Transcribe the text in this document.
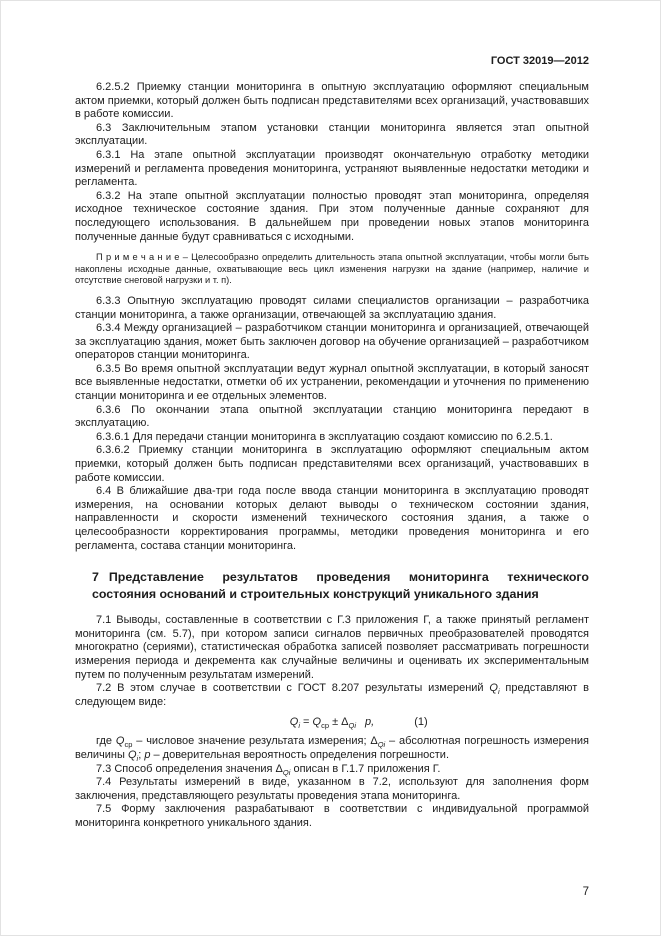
ГОСТ 32019—2012

6.2.5.2 Приемку станции мониторинга в опытную эксплуатацию оформляют специальным актом приемки, который должен быть подписан представителями всех организаций, участвовавших в работе комиссии.

6.3 Заключительным этапом установки станции мониторинга является этап опытной эксплуатации.

6.3.1 На этапе опытной эксплуатации производят окончательную отработку методики измерений и регламента проведения мониторинга, устраняют выявленные недостатки методики и регламента.

6.3.2 На этапе опытной эксплуатации полностью проводят этап мониторинга, определяя исходное техническое состояние здания. При этом полученные данные сохраняют для последующего использования. В дальнейшем при проведении новых этапов мониторинга полученные данные будут сравниваться с исходными.

П р и м е ч а н и е – Целесообразно определить длительность этапа опытной эксплуатации, чтобы могли быть накоплены исходные данные, охватывающие весь цикл изменения нагрузки на здание (например, наличие и отсутствие снеговой нагрузки и т. п).

6.3.3 Опытную эксплуатацию проводят силами специалистов организации – разработчика станции мониторинга, а также организации, отвечающей за эксплуатацию здания.

6.3.4 Между организацией – разработчиком станции мониторинга и организацией, отвечающей за эксплуатацию здания, может быть заключен договор на обучение организацией – разработчиком операторов станции мониторинга.

6.3.5 Во время опытной эксплуатации ведут журнал опытной эксплуатации, в который заносят все выявленные недостатки, отметки об их устранении, рекомендации и уточнения по применению станции мониторинга и ее отдельных элементов.

6.3.6 По окончании этапа опытной эксплуатации станцию мониторинга передают в эксплуатацию.

6.3.6.1 Для передачи станции мониторинга в эксплуатацию создают комиссию по 6.2.5.1.

6.3.6.2 Приемку станции мониторинга в эксплуатацию оформляют специальным актом приемки, который должен быть подписан представителями всех организаций, участвовавших в работе комиссии.

6.4 В ближайшие два-три года после ввода станции мониторинга в эксплуатацию проводят измерения, на основании которых делают выводы о техническом состоянии здания, направленности и скорости изменений технического состояния здания, а также о целесообразности корректирования программы, методики проведения мониторинга и его регламента, состава станции мониторинга.

7 Представление результатов проведения мониторинга технического состояния оснований и строительных конструкций уникального здания

7.1 Выводы, составленные в соответствии с Г.3 приложения Г, а также принятый регламент мониторинга (см. 5.7), при котором записи сигналов первичных преобразователей проводятся многократно (сериями), статистическая обработка записей позволяет рассматривать погрешности измерения периода и декремента как случайные величины и оценивать их экспериментальным путем по полученным результатам измерений.

7.2 В этом случае в соответствии с ГОСТ 8.207 результаты измерений $Q_i$ представляют в следующем виде:

$Q_i = Q_{ср} \pm \Delta_{Qi}$ p,	(1)

где $Q_{ср}$ – числовое значение результата измерения; $\Delta_{Qi}$ – абсолютная погрешность измерения величины $Q_i$; p – доверительная вероятность определения погрешности.

7.3 Способ определения значения $\Delta_{Qi}$ описан в Г.1.7 приложения Г.

7.4 Результаты измерений в виде, указанном в 7.2, используют для заполнения форм заключения, представляющего результаты проведения этапа мониторинга.

7.5 Форму заключения разрабатывают в соответствии с индивидуальной программой мониторинга конкретного уникального здания.

7
